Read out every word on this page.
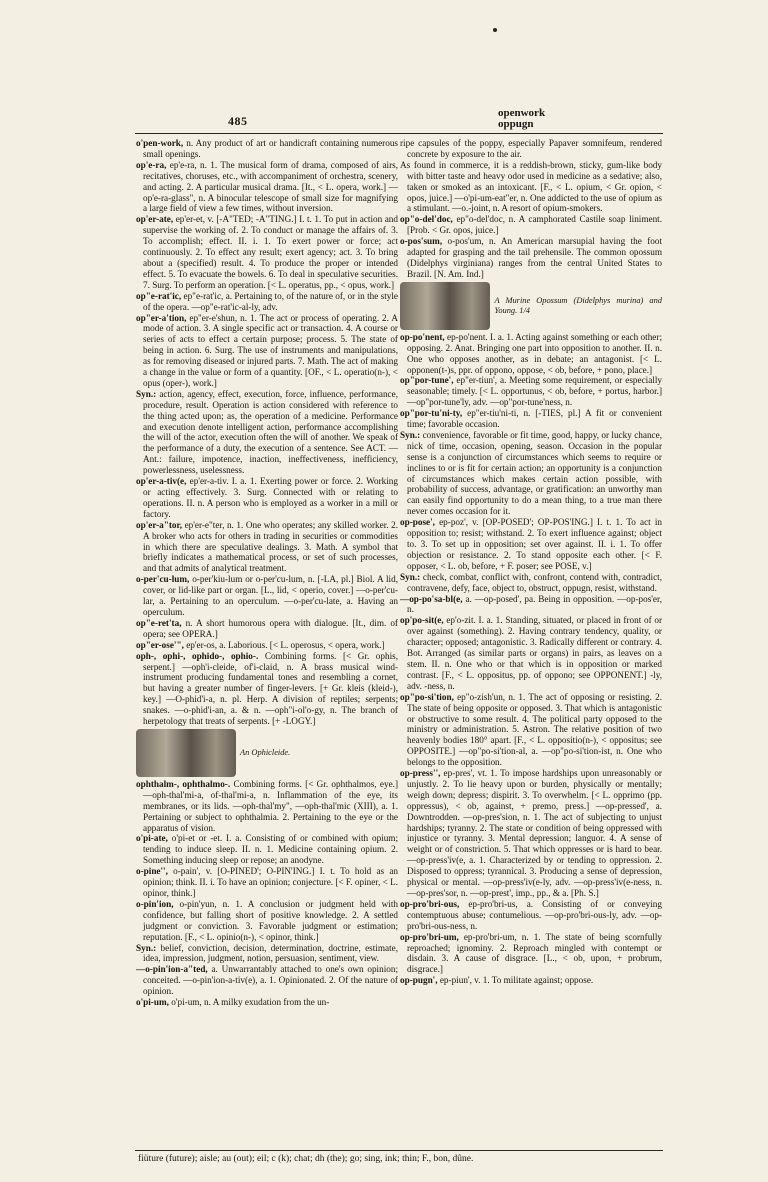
485
openwork
oppugn

o'pen-work, n. Any product of art or handicraft containing numerous small openings.

op'e-ra, ep'e-ra, n. 1. The musical form of drama, composed of airs, recitatives, choruses, etc., with accompaniment of orchestra, scenery, and acting. 2. A particular musical drama. [It., < L. opera, work.] —op'e-ra-glass", n. A binocular telescope of small size for magnifying a large field of view a few times, without inversion.

op'er-ate, ep'er-et, v. [-A"TED; -A"TING.] I. t. 1. To put in action and supervise the working of. 2. To conduct or manage the affairs of. 3. To accomplish; effect. II. i. 1. To exert power or force; act continuously. 2. To effect any result; exert agency; act. 3. To bring about a (specified) result. 4. To produce the proper or intended effect. 5. To evacuate the bowels. 6. To deal in speculative securities. 7. Surg. To perform an operation. [< L. operatus, pp., < opus, work.]

op"e-rat'ic, ep"e-rat'ic, a. Pertaining to, of the nature of, or in the style of the opera. —op"e-rat'ic-al-ly, adv.

op"er-a'tion, ep"er-e'shun, n. 1. The act or process of operating. 2. A mode of action. 3. A single specific act or transaction. 4. A course or series of acts to effect a certain purpose; process. 5. The state of being in action. 6. Surg. The use of instruments and manipulations, as for removing diseased or injured parts. 7. Math. The act of making a change in the value or form of a quantity. [OF., < L. operatio(n-), < opus (oper-), work.]

Syn.: action, agency, effect, execution, force, influence, performance, procedure, result. Operation is action considered with reference to the thing acted upon; as, the operation of a medicine. Performance and execution denote intelligent action, performance accomplishing the will of the actor, execution often the will of another. We speak of the performance of a duty, the execution of a sentence. See ACT. —Ant.: failure, impotence, inaction, ineffectiveness, inefficiency, powerlessness, uselessness.

op'er-a-tiv(e, ep'er-a-tiv. I. a. 1. Exerting power or force. 2. Working or acting effectively. 3. Surg. Connected with or relating to operations. II. n. A person who is employed as a worker in a mill or factory.

op'er-a"tor, ep'er-e"ter, n. 1. One who operates; any skilled worker. 2. A broker who acts for others in trading in securities or commodities in which there are speculative dealings. 3. Math. A symbol that briefly indicates a mathematical process, or set of such processes, and that admits of analytical treatment.

o-per'cu-lum, o-per'kiu-lum or o-per'cu-lum, n. [-LA, pl.] Biol. A lid, cover, or lid-like part or organ. [L., lid, < operio, cover.] —o-per'cu-lar, a. Pertaining to an operculum. —o-per'cu-late, a. Having an operculum.

op"e-ret'ta, n. A short humorous opera with dialogue. [It., dim. of opera; see OPERA.]

op"er-ose'", ep'er-os, a. Laborious. [< L. operosus, < opera, work.]

oph-, ophi-, ophido-, ophio-. Combining forms. [< Gr. ophis, serpent.] —oph'i-cleide, of'i-claid, n. A brass musical wind-instrument producing fundamental tones and resembling a cornet, but having a greater number of finger-levers. [+ Gr. kleis (kleid-), key.] —O-phid'i-a, n. pl. Herp. A division of reptiles; serpents; snakes. —o-phid'i-an, a. & n. —oph"i-ol'o-gy, n. The branch of herpetology that treats of serpents. [+ -LOGY.]

An Ophicleide.

ophthalm-, ophthalmo-. Combining forms. [< Gr. ophthalmos, eye.] —oph-thal'mi-a, of-thal'mi-a, n. Inflammation of the eye, its membranes, or its lids. —oph-thal'my", —oph-thal'mic (XIII), a. 1. Pertaining or subject to ophthalmia. 2. Pertaining to the eye or the apparatus of vision.

o'pi-ate, o'pi-et or -et. I. a. Consisting of or combined with opium; tending to induce sleep. II. n. 1. Medicine containing opium. 2. Something inducing sleep or repose; an anodyne.

o-pine'', o-pain', v. [O-PINED'; O-PIN'ING.] I. t. To hold as an opinion; think. II. i. To have an opinion; conjecture. [< F. opiner, < L. opinor, think.]

o-pin'ion, o-pin'yun, n. 1. A conclusion or judgment held with confidence, but falling short of positive knowledge. 2. A settled judgment or conviction. 3. Favorable judgment or estimation; reputation. [F., < L. opinio(n-), < opinor, think.]

Syn.: belief, conviction, decision, determination, doctrine, estimate, idea, impression, judgment, notion, persuasion, sentiment, view.

—o-pin'ion-a"ted, a. Unwarrantably attached to one's own opinion; conceited. —o-pin'ion-a-tiv(e), a. 1. Opinionated. 2. Of the nature of opinion.

o'pi-um, o'pi-um, n. A milky exudation from the un-

ripe capsules of the poppy, especially Papaver somnifeum, rendered concrete by exposure to the air.

As found in commerce, it is a reddish-brown, sticky, gum-like body with bitter taste and heavy odor used in medicine as a sedative; also, taken or smoked as an intoxicant. [F., < L. opium, < Gr. opion, < opos, juice.] —o'pi-um-eat"er, n. One addicted to the use of opium as a stimulant. —o.-joint, n. A resort of opium-smokers.

op"o-del'doc, ep"o-del'doc, n. A camphorated Castile soap liniment. [Prob. < Gr. opos, juice.]

o-pos'sum, o-pos'um, n. An American marsupial having the foot adapted for grasping and the tail prehensile. The common opossum (Didelphys virginiana) ranges from the central United States to Brazil. [N. Am. Ind.]

A Murine Opossum (Didelphys murina) and Young. 1/4

op-po'nent, ep-po'nent. I. a. 1. Acting against something or each other; opposing. 2. Anat. Bringing one part into opposition to another. II. n. One who opposes another, as in debate; an antagonist. [< L. opponen(t-)s, ppr. of oppono, oppose, < ob, before, + pono, place.]

op"por-tune', ep"er-tiun', a. Meeting some requirement, or especially seasonable; timely. [< L. opportunus, < ob, before, + portus, harbor.] —op"por-tune'ly, adv. —op"por-tune'ness, n.

op"por-tu'ni-ty, ep"er-tiu'ni-ti, n. [-TIES, pl.] A fit or convenient time; favorable occasion.

Syn.: convenience, favorable or fit time, good, happy, or lucky chance, nick of time, occasion, opening, season. Occasion in the popular sense is a conjunction of circumstances which seems to require or inclines to or is fit for certain action; an opportunity is a conjunction of circumstances which makes certain action possible, with probability of success, advantage, or gratification: an unworthy man can easily find opportunity to do a mean thing, to a true man there never comes occasion for it.

op-pose', ep-poz', v. [OP-POSED'; OP-POS'ING.] I. t. 1. To act in opposition to; resist; withstand. 2. To exert influence against; object to. 3. To set up in opposition; set over against. II. i. 1. To offer objection or resistance. 2. To stand opposite each other. [< F. opposer, < L. ob, before, + F. poser; see POSE, v.]

Syn.: check, combat, conflict with, confront, contend with, contradict, contravene, defy, face, object to, obstruct, oppugn, resist, withstand.

—op-po'sa-bl(e, a. —op-posed', pa. Being in opposition. —op-pos'er, n.

op'po-sit(e, ep'o-zit. I. a. 1. Standing, situated, or placed in front of or over against (something). 2. Having contrary tendency, quality, or character; opposed; antagonistic. 3. Radically different or contrary. 4. Bot. Arranged (as similar parts or organs) in pairs, as leaves on a stem. II. n. One who or that which is in opposition or marked contrast. [F., < L. oppositus, pp. of oppono; see OPPONENT.] -ly, adv. -ness, n.

op"po-si'tion, ep"o-zish'un, n. 1. The act of opposing or resisting. 2. The state of being opposite or opposed. 3. That which is antagonistic or obstructive to some result. 4. The political party opposed to the ministry or administration. 5. Astron. The relative position of two heavenly bodies 180° apart. [F., < L. oppositio(n-), < oppositus; see OPPOSITE.] —op"po-si'tion-al, a. —op"po-si'tion-ist, n. One who belongs to the opposition.

op-press'', ep-pres', vt. 1. To impose hardships upon unreasonably or unjustly. 2. To lie heavy upon or burden, physically or mentally; weigh down; depress; dispirit. 3. To overwhelm. [< L. opprimo (pp. oppressus), < ob, against, + premo, press.] —op-pressed', a. Downtrodden. —op-pres'sion, n. 1. The act of subjecting to unjust hardships; tyranny. 2. The state or condition of being oppressed with injustice or tyranny. 3. Mental depression; languor. 4. A sense of weight or of constriction. 5. That which oppresses or is hard to bear. —op-press'iv(e, a. 1. Characterized by or tending to oppression. 2. Disposed to oppress; tyrannical. 3. Producing a sense of depression, physical or mental. —op-press'iv(e-ly, adv. —op-press'iv(e-ness, n. —op-pres'sor, n. —op-prest', imp., pp., & a. [Ph. S.]

op-pro'bri-ous, ep-pro'bri-us, a. Consisting of or conveying contemptuous abuse; contumelious. —op-pro'bri-ous-ly, adv. —op-pro'bri-ous-ness, n.

op-pro'bri-um, ep-pro'bri-um, n. 1. The state of being scornfully reproached; ignominy. 2. Reproach mingled with contempt or disdain. 3. A cause of disgrace. [L., < ob, upon, + probrum, disgrace.]

op-pugn', ep-piun', v. 1. To militate against; oppose.

fiüture (future); aisle; au (out); eil; c (k); chat; dh (the); go; sing, ink; thin; F., bon, dûne.
